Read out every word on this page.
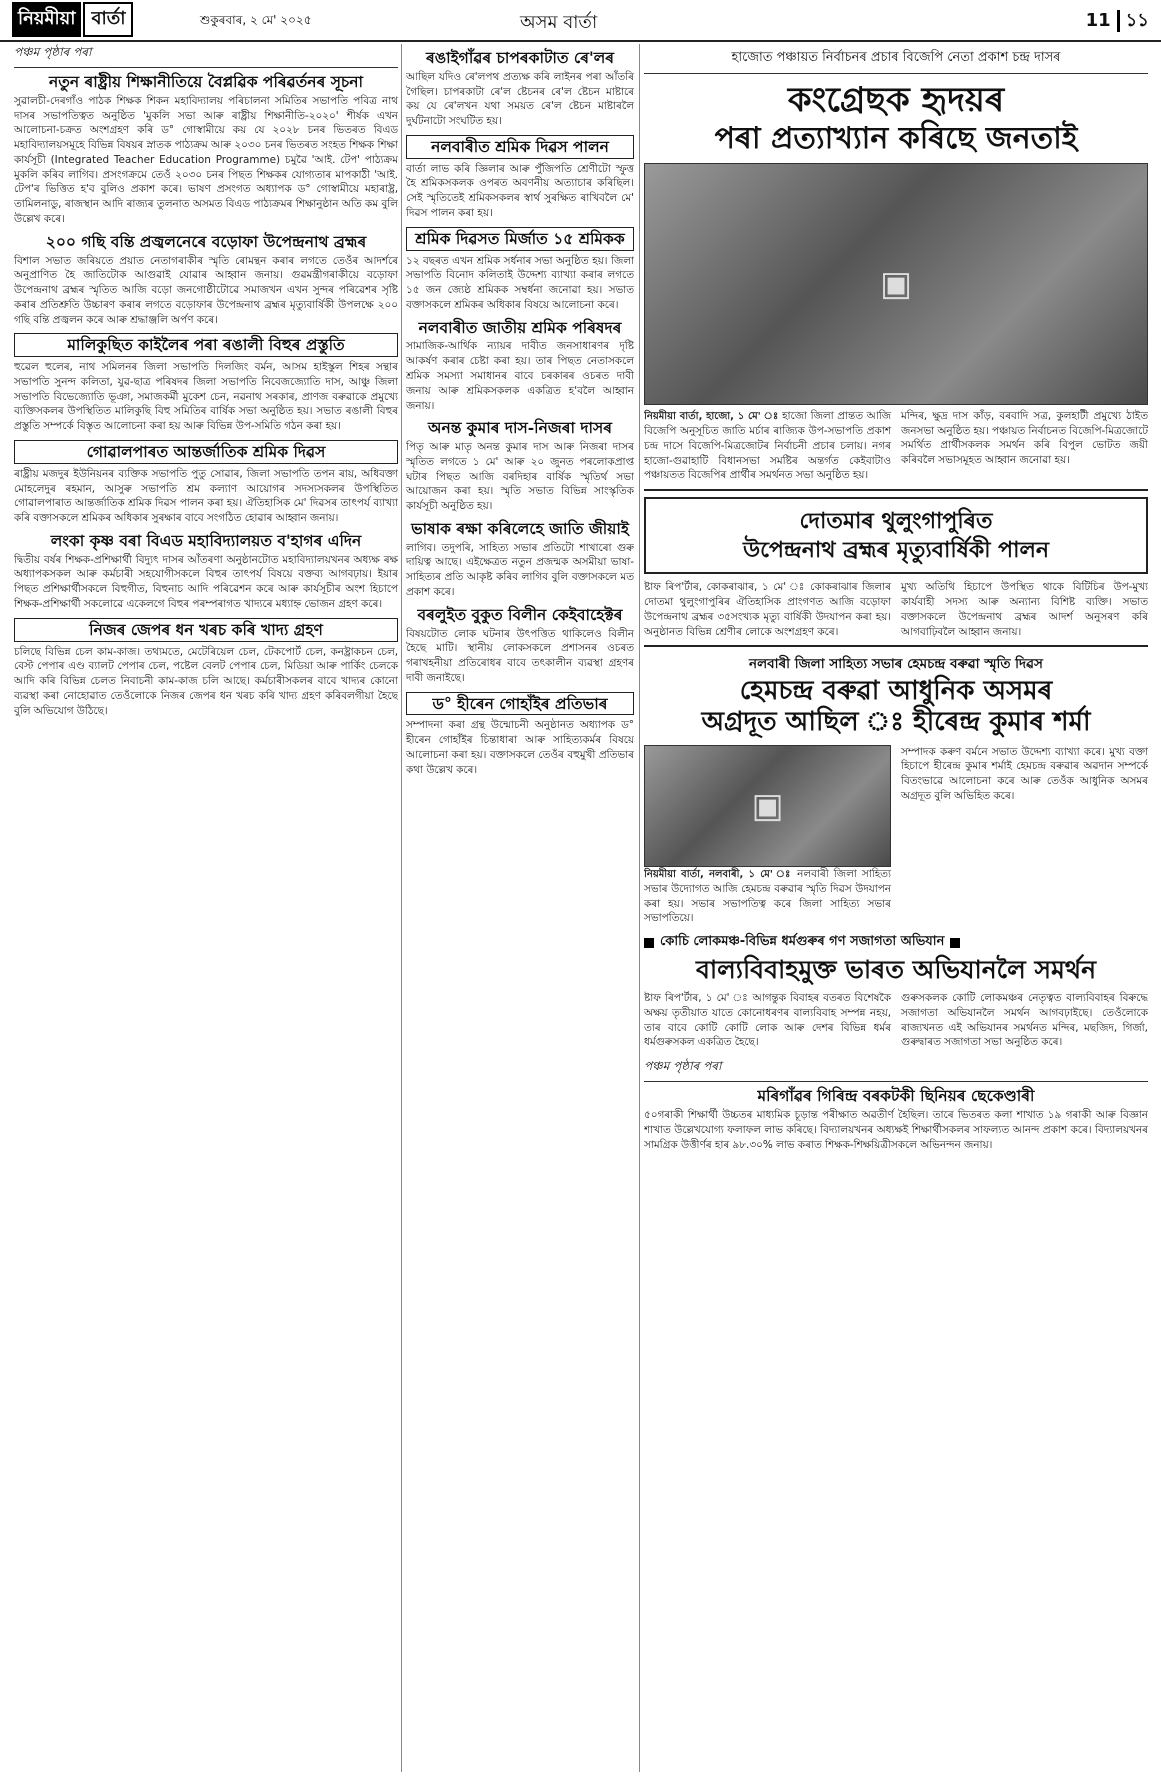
নিয়মীয়া বাৰ্তা	শুকুৰবাৰ, ২ মে' ২০২৫	অসম বাৰ্তা	11 ১১
পঞ্চম পৃষ্ঠাৰ পৰা
নতুন ৰাষ্ট্ৰীয় শিক্ষানীতিয়ে বৈপ্লৱিক পৰিৱৰ্তনৰ সূচনা
সুৱালচী-দেৰগাঁও পাঠক শিক্ষক শিকন মহাবিদ্যালয় পৰিচালনা সমিতিৰ সভাপতি পবিত্ৰ নাথ দাসৰ সভাপতিত্বত অনুষ্ঠিত 'মুকলি সভা আৰু ৰাষ্ট্ৰীয় শিক্ষানীতি-২০২০' শীৰ্ষক এখন আলোচনা-চক্ৰত অংশগ্ৰহণ কৰি ড° গোস্বামীয়ে কয় যে ২০২৮ চনৰ ভিতৰত বিএড মহাবিদ্যালয়সমূহে বিভিন্ন বিষয়ৰ স্নাতক পাঠ্যক্ৰম আৰু ২০৩০ চনৰ ভিতৰত সংহত শিক্ষক শিক্ষা কাৰ্যসূচী (Integrated Teacher Education Programme) চমুৱৈ 'আই. টেপ' পাঠ্যক্ৰম মুকলি কৰিব লাগিব। প্ৰসংগক্ৰমে তেওঁ ২০৩০ চনৰ পিছত শিক্ষকৰ যোগ্যতাৰ মাপকাঠী 'আই. টেপ'ৰ ভিত্তিত হ'ব বুলিও প্ৰকাশ কৰে। ভাষণ প্ৰসংগত অধ্যাপক ড° গোস্বামীয়ে মহাৰাষ্ট্ৰ, তামিলনাডু, ৰাজস্থান আদি ৰাজ্যৰ তুলনাত অসমত বিএড পাঠ্যক্ৰমৰ শিক্ষানুষ্ঠান অতি কম বুলি উল্লেখ কৰে।
২০০ গছি বন্তি প্ৰজ্বলনেৰে বড়োফা উপেন্দ্ৰনাথ ব্ৰহ্মৰ
বিশাল সভাত জৰিয়তে প্ৰয়াত নেতাগৰাকীৰ স্মৃতি ৰোমন্থন কৰাৰ লগতে তেওঁৰ আদৰ্শৰে অনুপ্ৰাণিত হৈ জাতিটোক আগুৱাই যোৱাৰ আহ্বান জনায়। গুৱমন্ত্ৰীগৰাকীয়ে বড়োফা উপেন্দ্ৰনাথ ব্ৰহ্মৰ স্মৃতিত আজি বড়ো জনগোষ্ঠীটোৱে সমাজখন এখন সুন্দৰ পৰিৱেশৰ সৃষ্টি কৰাৰ প্ৰতিশ্ৰুতি উচ্চাৰণ কৰাৰ লগতে বড়োফাৰ উপেন্দ্ৰনাথ ব্ৰহ্মৰ মৃত্যুবাৰ্ষিকী উপলক্ষে ২০০ গছি বন্তি প্ৰজ্বলন কৰে আৰু শ্ৰদ্ধাঞ্জলি অৰ্পণ কৰে।
মালিকুছিত কাইলৈৰ পৰা ৰঙালী বিহুৰ প্ৰস্তুতি
হুৱেল হুলেৰ, নাথ সমিলনৰ জিলা সভাপতি দিলজিং বৰ্মন, আসম হাইস্কুল শিহৰ সন্থাৰ সভাপতি সুনন্দ কলিতা, যুৱ-ছাত্ৰ পৰিষদৰ জিলা সভাপতি নিবেজজ্যোতি দাস, আঞ্চু জিলা সভাপতি বিভেজ্যোতি ভূঞা, সমাজকৰ্মী মুকেশ চেন, নৱনাথ সৰকাৰ, প্ৰাণজ বৰুৱাকে প্ৰমুখ্যে ব্যক্তিসকলৰ উপস্থিতিত মালিকুছি বিহু সমিতিৰ বাৰ্ষিক সভা অনুষ্ঠিত হয়। সভাত ৰঙালী বিহুৰ প্ৰস্তুতি সম্পৰ্কে বিস্তৃত আলোচনা কৰা হয় আৰু বিভিন্ন উপ-সমিতি গঠন কৰা হয়।
গোৱালপাৰত আন্তৰ্জাতিক শ্ৰমিক দিৱস
ৰাষ্ট্ৰীয় মজদুৰ ইউনিয়নৰ ব্যক্তিক সভাপতি পুতু সোৱাৰ, জিলা সভাপতি তপন ৰায়, অধিবক্তা মোহলেদুৰ ৰহমান, আসুৰু সভাপতি শ্ৰম কল্যাণ আয়োগৰ সদস্যসকলৰ উপস্থিতিত গোৱালপাৰাত আন্তৰ্জাতিক শ্ৰমিক দিৱস পালন কৰা হয়। ঐতিহাসিক মে' দিৱসৰ তাৎপৰ্য ব্যাখ্যা কৰি বক্তাসকলে শ্ৰমিকৰ অধিকাৰ সুৰক্ষাৰ বাবে সংগঠিত হোৱাৰ আহ্বান জনায়।
লংকা কৃষ্ণ বৰা বিএড মহাবিদ্যালয়ত ব'হাগৰ এদিন
দ্বিতীয় বৰ্ষৰ শিক্ষক-প্ৰশিক্ষাৰ্থী বিদ্যুৎ দাসৰ আঁতৰণা অনুষ্ঠানটোত মহাবিদ্যালয়খনৰ অধ্যক্ষ ৰক্ষ অধ্যাপকসকল আৰু কৰ্মচাৰী সহযোগীসকলে বিহুৰ তাৎপৰ্য বিষয়ে বক্তব্য আগবঢ়ায়। ইয়াৰ পিছত প্ৰশিক্ষাৰ্থীসকলে বিহুগীত, বিহুনাচ আদি পৰিৱেশন কৰে আৰু কাৰ্যসূচীৰ অংশ হিচাপে শিক্ষক-প্ৰশিক্ষাৰ্থী সকলোৱে একেলগে বিহুৰ পৰম্পৰাগত খাদ্যৰে মধ্যাহ্ন ভোজন গ্ৰহণ কৰে।
নিজৰ জেপৰ ধন খৰচ কৰি খাদ্য গ্ৰহণ
চলিছে বিভিন্ন চেল কাম-কাজ। তথ্যমতে, মেটেৰিয়েল চেল, টেকপোৰ্ট চেল, কনষ্ট্ৰাকচন চেল, বেস্ট পেপাৰ এণ্ড ব্যালট পেপাৰ চেল, পষ্টেল বেলট পেপাৰ চেল, মিডিয়া আৰু পাৰ্কিং চেলকে আদি কৰি বিভিন্ন চেলত নিবাচনী কাম-কাজ চলি আছে। কৰ্মচাৰীসকলৰ বাবে খাদ্যৰ কোনো ব্যৱস্থা কৰা নোহোৱাত তেওঁলোকে নিজৰ জেপৰ ধন খৰচ কৰি খাদ্য গ্ৰহণ কৰিবলগীয়া হৈছে বুলি অভিযোগ উঠিছে।
ৰঙাইগাঁৱৰ চাপৰকাটাত ৰে'লৰ
আছিল যদিও ৰে'লপথ প্ৰত্যক্ষ কৰি লাইনৰ পৰা আঁতৰি গৈছিল। চাপৰকাটা ৰে'ল ষ্টেচনৰ ৰে'ল ষ্টেচন মাষ্টাৰে কয় যে ৰে'লখন যথা সময়ত ৰে'ল ষ্টেচন মাষ্টাৰলৈ দুৰ্ঘটনাটো সংঘটিত হয়।
নলবাৰীত শ্ৰমিক দিৱস পালন
বাৰ্তা লাভ কৰি জ্ঞিলাৰ আৰু পুঁজিপতি শ্ৰেণীটো স্ফুত্ত হৈ শ্ৰমিকসকলক ওপৰত অবণনীয় অত্যাচাৰ কৰিছিল। সেই স্মৃতিতেই শ্ৰমিকসকলৰ স্বাৰ্থ সুৰক্ষিত ৰাখিবলৈ মে' দিৱস পালন কৰা হয়।
শ্ৰমিক দিৱসত মিৰ্জাত ১৫ শ্ৰমিকক
১২ বছৰত এখন শ্ৰমিক সৰ্ধনাৰ সভা অনুষ্ঠিত হয়। জিলা সভাপতি বিনোদ কলিতাই উদ্দেশ্য ব্যাখ্যা কৰাৰ লগতে ১৫ জন জ্যেষ্ঠ শ্ৰমিকক সম্বৰ্ধনা জনোৱা হয়। সভাত বক্তাসকলে শ্ৰমিকৰ অধিকাৰ বিষয়ে আলোচনা কৰে।
নলবাৰীত জাতীয় শ্ৰমিক পৰিষদৰ
সামাজিক-আৰ্থিক ন্যায়ৰ দাবীত জনসাধাৰণৰ দৃষ্টি আকৰ্ষণ কৰাৰ চেষ্টা কৰা হয়। তাৰ পিছত নেতাসকলে শ্ৰমিক সমস্যা সমাধানৰ বাবে চৰকাৰৰ ওচৰত দাবী জনায় আৰু শ্ৰমিকসকলক একত্ৰিত হ'বলৈ আহ্বান জনায়।
অনন্ত কুমাৰ দাস-নিজৰা দাসৰ
পিতৃ আৰু মাতৃ অনন্ত কুমাৰ দাস আৰু নিজৰা দাসৰ স্মৃতিত লগতে ১ মে' আৰু ২০ জুনত পৰলোকপ্ৰাপ্ত ঘটাৰ পিছত আজি বৰদিহাৰ বাৰ্ষিক স্মৃতিৰ্থ সভা আয়োজন কৰা হয়। স্মৃতি সভাত বিভিন্ন সাংস্কৃতিক কাৰ্যসূচী অনুষ্ঠিত হয়।
ভাষাক ৰক্ষা কৰিলেহে জাতি জীয়াই
লাগিব। তদুপৰি, সাহিত্য সভাৰ প্ৰতিটো শাখাৰো গুৰু দায়িত্ব আছে। এইক্ষেত্ৰত নতুন প্ৰজন্মক অসমীয়া ভাষা-সাহিত্যৰ প্ৰতি আকৃষ্ট কৰিব লাগিব বুলি বক্তাসকলে মত প্ৰকাশ কৰে।
বৰলুইত বুকুত বিলীন কেইবাহেক্টৰ
বিষয়টোত লোক ঘটনাৰ উৎপত্তিত থাকিলেও বিলীন হৈছে মাটি। স্থানীয় লোকসকলে প্ৰশাসনৰ ওচৰত গৰাখহনীয়া প্ৰতিৰোধৰ বাবে তৎকালীন ব্যৱস্থা গ্ৰহণৰ দাবী জনাইছে।
ড° হীৰেন গোহাঁইৰ প্ৰতিভাৰ
সম্পাদনা কৰা গ্ৰন্থ উন্মোচনী অনুষ্ঠানত অধ্যাপক ড° হীৰেন গোহাঁইৰ চিন্তাধাৰা আৰু সাহিত্যকৰ্মৰ বিষয়ে আলোচনা কৰা হয়। বক্তাসকলে তেওঁৰ বহুমুখী প্ৰতিভাৰ কথা উল্লেখ কৰে।
হাজোত পঞ্চায়ত নিৰ্বাচনৰ প্ৰচাৰ বিজেপি নেতা প্ৰকাশ চন্দ্ৰ দাসৰ
কংগ্ৰেছক হৃদয়ৰ
পৰা প্ৰত্যাখ্যান কৰিছে জনতাই
▣
নিয়মীয়া বাৰ্তা, হাজো, ১ মে' ঃ হাজো জিলা প্ৰান্তত আজি বিজেপি অনুসূচিত জাতি মৰ্চাৰ ৰাজ্যিক উপ-সভাপতি প্ৰকাশ চন্দ্ৰ দাসে বিজেপি-মিত্ৰজোটৰ নিৰ্বাচনী প্ৰচাৰ চলায়। নগৰ হাজো-গুৱাহাটি বিধানসভা সমষ্টিৰ অন্তৰ্গত কেইবাটাও পঞ্চায়তত বিজেপিৰ প্ৰাৰ্থীৰ সমৰ্থনত সভা অনুষ্ঠিত হয়।
মন্দিৰ, ক্ষুদ্ৰ দাস কাঁড়, বৰবাদি সত্ৰ, কুলহাটী প্ৰমুখ্যে ঠাইত জনসভা অনুষ্ঠিত হয়। পঞ্চায়ত নিৰ্বাচনত বিজেপি-মিত্ৰজোটে সমৰ্থিত প্ৰাৰ্থীসকলক সমৰ্থন কৰি বিপুল ভোটত জয়ী কৰিবলৈ সভাসমূহত আহ্বান জনোৱা হয়।
দোতমাৰ থুলুংগাপুৰিত
উপেন্দ্ৰনাথ ব্ৰহ্মৰ মৃত্যুবাৰ্ষিকী পালন
ষ্টাফ ৰিপ'ৰ্টাৰ, কোকৰাঝাৰ, ১ মে' ঃ কোকৰাঝাৰ জিলাৰ দোতমা থুলুংগাপুৰিৰ ঐতিহাসিক প্ৰাংগণত আজি বড়োফা উপেন্দ্ৰনাথ ব্ৰহ্মৰ ৩৫সংখ্যক মৃত্যু বাৰ্ষিকী উদযাপন কৰা হয়। অনুষ্ঠানত বিভিন্ন শ্ৰেণীৰ লোকে অংশগ্ৰহণ কৰে।
মুখ্য অতিথি হিচাপে উপস্থিত থাকে বিটিচিৰ উপ-মুখ্য কাৰ্যবাহী সদস্য আৰু অন্যান্য বিশিষ্ট ব্যক্তি। সভাত বক্তাসকলে উপেন্দ্ৰনাথ ব্ৰহ্মৰ আদৰ্শ অনুসৰণ কৰি আগবাঢ়িবলৈ আহ্বান জনায়।
নলবাৰী জিলা সাহিত্য সভাৰ হেমচন্দ্ৰ বৰুৱা স্মৃতি দিৱস
হেমচন্দ্ৰ বৰুৱা আধুনিক অসমৰ
অগ্ৰদূত আছিল ঃ হীৰেন্দ্ৰ কুমাৰ শৰ্মা
▣
নিয়মীয়া বাৰ্তা, নলবাৰী, ১ মে' ঃ নলবাৰী জিলা সাহিত্য সভাৰ উদ্যোগত আজি হেমচন্দ্ৰ বৰুৱাৰ স্মৃতি দিৱস উদযাপন কৰা হয়। সভাৰ সভাপতিত্ব কৰে জিলা সাহিত্য সভাৰ সভাপতিয়ে।
সম্পাদক কৰুণ বৰ্মনে সভাত উদ্দেশ্য ব্যাখ্যা কৰে। মুখ্য বক্তা হিচাপে হীৰেন্দ্ৰ কুমাৰ শৰ্মাই হেমচন্দ্ৰ বৰুৱাৰ অৱদান সম্পৰ্কে বিতংভাৱে আলোচনা কৰে আৰু তেওঁক আধুনিক অসমৰ অগ্ৰদূত বুলি অভিহিত কৰে।
কোচি লোকমঞ্চ-বিভিন্ন ধৰ্মগুৰুৰ গণ সজাগতা অভিযান
বাল্যবিবাহমুক্ত ভাৰত অভিযানলৈ সমৰ্থন
ষ্টাফ ৰিপ'ৰ্টাৰ, ১ মে' ঃ আগন্তুক বিবাহৰ বতৰত বিশেষকৈ অক্ষয় তৃতীয়াত যাতে কোনোধৰণৰ বাল্যবিবাহ সম্পন্ন নহয়, তাৰ বাবে কোটি কোটি লোক আৰু দেশৰ বিভিন্ন ধৰ্মৰ ধৰ্মগুৰুসকল একত্ৰিত হৈছে।
গুৰুসকলক কোটি লোকমঞ্চৰ নেতৃত্বত বাল্যবিবাহৰ বিৰুদ্ধে সজাগতা অভিযানলৈ সমৰ্থন আগবঢ়াইছে। তেওঁলোকে ৰাজ্যখনত এই অভিযানৰ সমৰ্থনত মন্দিৰ, মছজিদ, গিৰ্জা, গুৰুদ্বাৰত সজাগতা সভা অনুষ্ঠিত কৰে।
পঞ্চম পৃষ্ঠাৰ পৰা
মৰিগাঁৱৰ গিৰিন্দ্ৰ বৰকটকী ছিনিয়ৰ ছেকেণ্ডাৰী
৫০গৰাকী শিক্ষাৰ্থী উচ্চতৰ মাধ্যমিক চূড়ান্ত পৰীক্ষাত অৱতীৰ্ণ হৈছিল। তাৰে ভিতৰত কলা শাখাত ১৯ গৰাকী আৰু বিজ্ঞান শাখাত উল্লেখযোগ্য ফলাফল লাভ কৰিছে। বিদ্যালয়খনৰ অধ্যক্ষই শিক্ষাৰ্থীসকলৰ সাফল্যত আনন্দ প্ৰকাশ কৰে। বিদ্যালয়খনৰ সামগ্ৰিক উত্তীৰ্ণৰ হাৰ ৯৮.৩০% লাভ কৰাত শিক্ষক-শিক্ষয়িত্ৰীসকলে অভিনন্দন জনায়।
